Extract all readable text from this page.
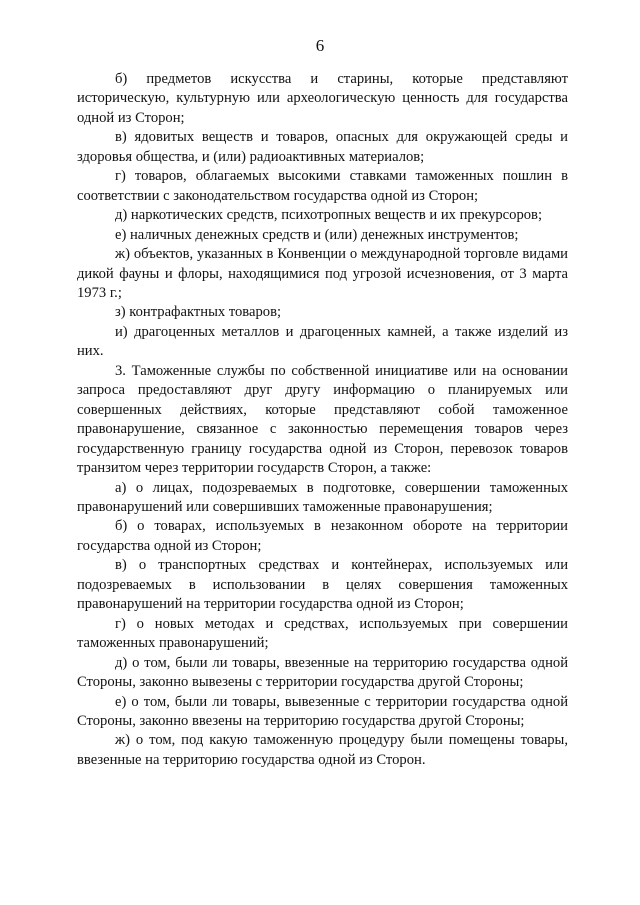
6

б) предметов искусства и старины, которые представляют историческую, культурную или археологическую ценность для государства одной из Сторон;

в) ядовитых веществ и товаров, опасных для окружающей среды и здоровья общества, и (или) радиоактивных материалов;

г) товаров, облагаемых высокими ставками таможенных пошлин в соответствии с законодательством государства одной из Сторон;

д) наркотических средств, психотропных веществ и их прекурсоров;

е) наличных денежных средств и (или) денежных инструментов;

ж) объектов, указанных в Конвенции о международной торговле видами дикой фауны и флоры, находящимися под угрозой исчезновения, от 3 марта 1973 г.;

з) контрафактных товаров;

и) драгоценных металлов и драгоценных камней, а также изделий из них.

3. Таможенные службы по собственной инициативе или на основании запроса предоставляют друг другу информацию о планируемых или совершенных действиях, которые представляют собой таможенное правонарушение, связанное с законностью перемещения товаров через государственную границу государства одной из Сторон, перевозок товаров транзитом через территории государств Сторон, а также:

а) о лицах, подозреваемых в подготовке, совершении таможенных правонарушений или совершивших таможенные правонарушения;

б) о товарах, используемых в незаконном обороте на территории государства одной из Сторон;

в) о транспортных средствах и контейнерах, используемых или подозреваемых в использовании в целях совершения таможенных правонарушений на территории государства одной из Сторон;

г) о новых методах и средствах, используемых при совершении таможенных правонарушений;

д) о том, были ли товары, ввезенные на территорию государства одной Стороны, законно вывезены с территории государства другой Стороны;

е) о том, были ли товары, вывезенные с территории государства одной Стороны, законно ввезены на территорию государства другой Стороны;

ж) о том, под какую таможенную процедуру были помещены товары, ввезенные на территорию государства одной из Сторон.
